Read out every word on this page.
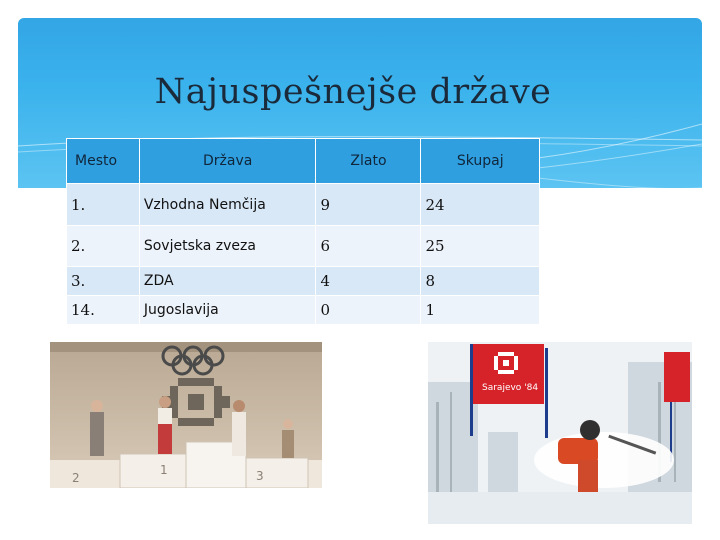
Najuspešnejše države
Mesto	Država	Zlato	Skupaj
1.	Vzhodna Nemčija	9	24
2.	Sovjetska zveza	6	25
3.	ZDA	4	8
14.	Jugoslavija	0	1
2
1	3
Sarajevo '84
